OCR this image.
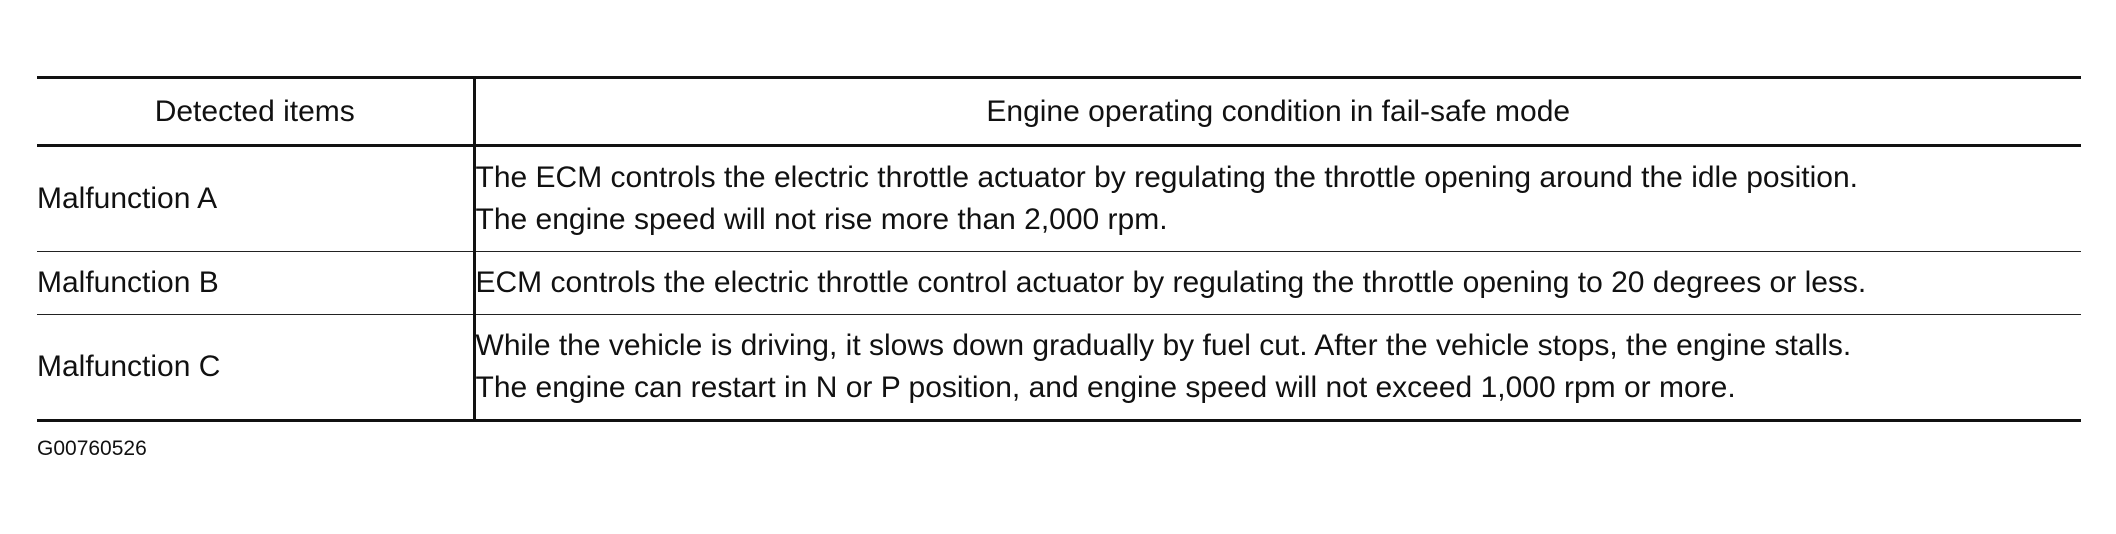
Detected items	Engine operating condition in fail-safe mode
Malfunction A	The ECM controls the electric throttle actuator by regulating the throttle opening around the idle position.
The engine speed will not rise more than 2,000 rpm.

Malfunction B	ECM controls the electric throttle control actuator by regulating the throttle opening to 20 degrees or less.

Malfunction C	While the vehicle is driving, it slows down gradually by fuel cut. After the vehicle stops, the engine stalls.
The engine can restart in N or P position, and engine speed will not exceed 1,000 rpm or more.
G00760526
